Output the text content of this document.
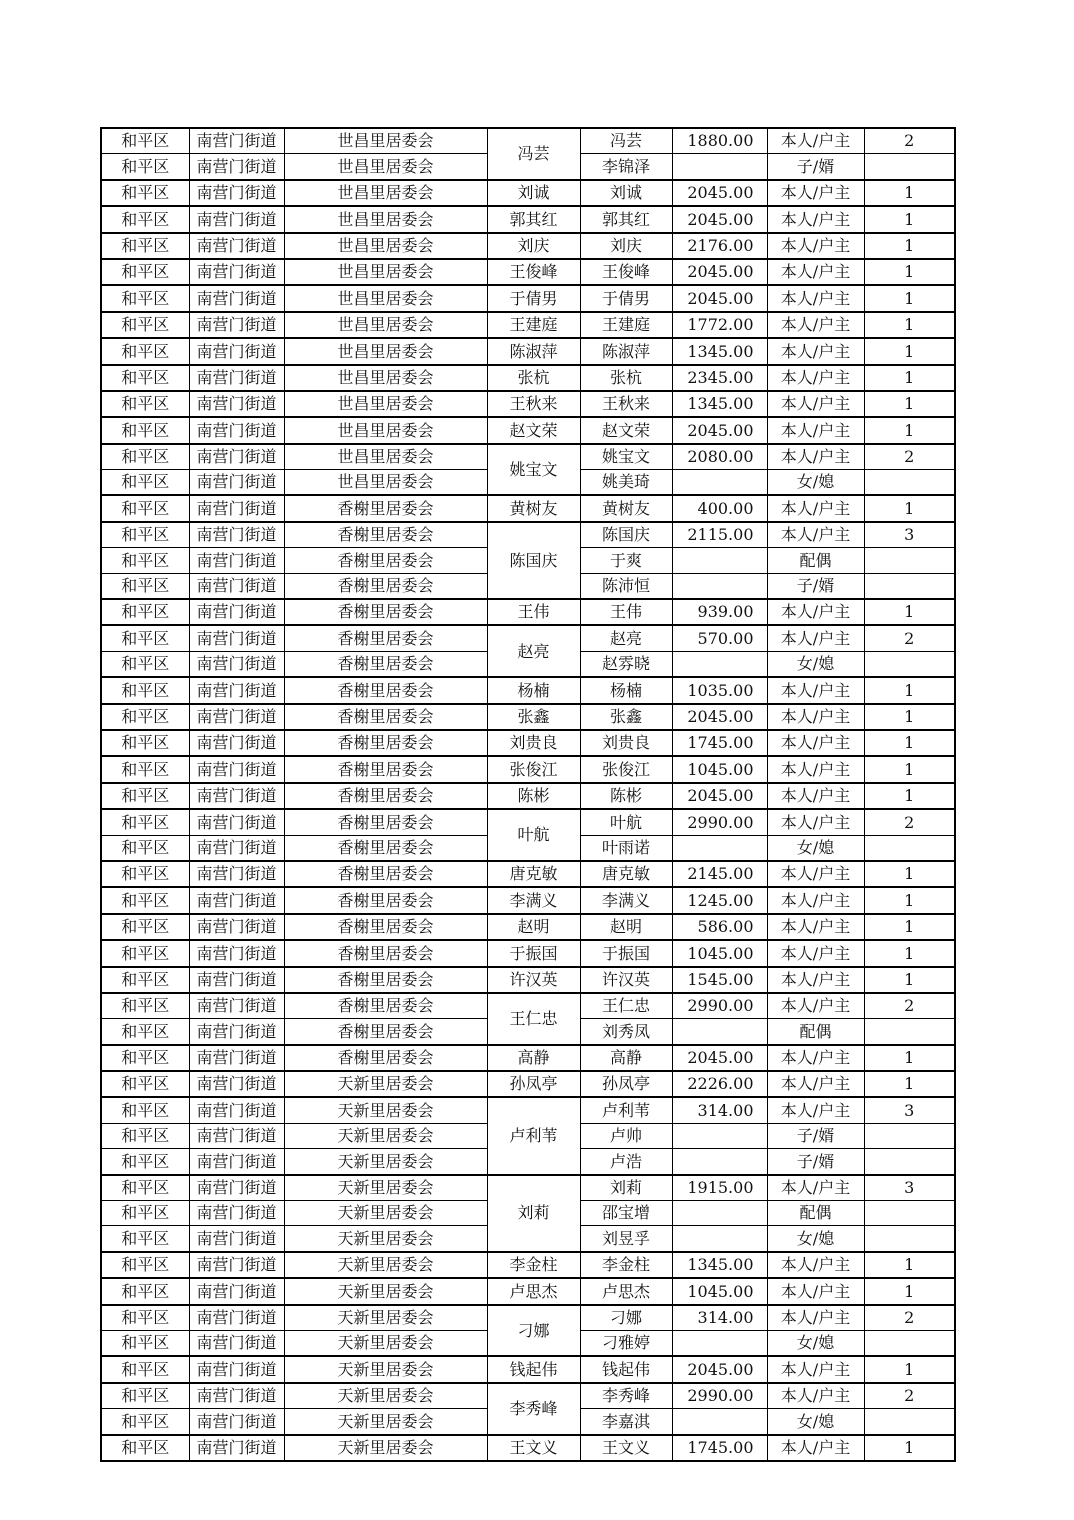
和平区	南营门街道	世昌里居委会	冯芸	冯芸	1880.00	本人/户主	2
和平区	南营门街道	世昌里居委会		李锦泽		子/婿	
和平区	南营门街道	世昌里居委会	刘诚	刘诚	2045.00	本人/户主	1
和平区	南营门街道	世昌里居委会	郭其红	郭其红	2045.00	本人/户主	1
和平区	南营门街道	世昌里居委会	刘庆	刘庆	2176.00	本人/户主	1
和平区	南营门街道	世昌里居委会	王俊峰	王俊峰	2045.00	本人/户主	1
和平区	南营门街道	世昌里居委会	于倩男	于倩男	2045.00	本人/户主	1
和平区	南营门街道	世昌里居委会	王建庭	王建庭	1772.00	本人/户主	1
和平区	南营门街道	世昌里居委会	陈淑萍	陈淑萍	1345.00	本人/户主	1
和平区	南营门街道	世昌里居委会	张杭	张杭	2345.00	本人/户主	1
和平区	南营门街道	世昌里居委会	王秋来	王秋来	1345.00	本人/户主	1
和平区	南营门街道	世昌里居委会	赵文荣	赵文荣	2045.00	本人/户主	1
和平区	南营门街道	世昌里居委会	姚宝文	姚宝文	2080.00	本人/户主	2
和平区	南营门街道	世昌里居委会		姚美琦		女/媳	
和平区	南营门街道	香榭里居委会	黄树友	黄树友	400.00	本人/户主	1
和平区	南营门街道	香榭里居委会	陈国庆	陈国庆	2115.00	本人/户主	3
和平区	南营门街道	香榭里居委会		于爽		配偶	
和平区	南营门街道	香榭里居委会		陈沛恒		子/婿	
和平区	南营门街道	香榭里居委会	王伟	王伟	939.00	本人/户主	1
和平区	南营门街道	香榭里居委会	赵亮	赵亮	570.00	本人/户主	2
和平区	南营门街道	香榭里居委会		赵雰晓		女/媳	
和平区	南营门街道	香榭里居委会	杨楠	杨楠	1035.00	本人/户主	1
和平区	南营门街道	香榭里居委会	张鑫	张鑫	2045.00	本人/户主	1
和平区	南营门街道	香榭里居委会	刘贵良	刘贵良	1745.00	本人/户主	1
和平区	南营门街道	香榭里居委会	张俊江	张俊江	1045.00	本人/户主	1
和平区	南营门街道	香榭里居委会	陈彬	陈彬	2045.00	本人/户主	1
和平区	南营门街道	香榭里居委会	叶航	叶航	2990.00	本人/户主	2
和平区	南营门街道	香榭里居委会		叶雨诺		女/媳	
和平区	南营门街道	香榭里居委会	唐克敏	唐克敏	2145.00	本人/户主	1
和平区	南营门街道	香榭里居委会	李满义	李满义	1245.00	本人/户主	1
和平区	南营门街道	香榭里居委会	赵明	赵明	586.00	本人/户主	1
和平区	南营门街道	香榭里居委会	于振国	于振国	1045.00	本人/户主	1
和平区	南营门街道	香榭里居委会	许汉英	许汉英	1545.00	本人/户主	1
和平区	南营门街道	香榭里居委会	王仁忠	王仁忠	2990.00	本人/户主	2
和平区	南营门街道	香榭里居委会		刘秀凤		配偶	
和平区	南营门街道	香榭里居委会	高静	高静	2045.00	本人/户主	1
和平区	南营门街道	天新里居委会	孙凤亭	孙凤亭	2226.00	本人/户主	1
和平区	南营门街道	天新里居委会	卢利苇	卢利苇	314.00	本人/户主	3
和平区	南营门街道	天新里居委会		卢帅		子/婿	
和平区	南营门街道	天新里居委会		卢浩		子/婿	
和平区	南营门街道	天新里居委会	刘莉	刘莉	1915.00	本人/户主	3
和平区	南营门街道	天新里居委会		邵宝增		配偶	
和平区	南营门街道	天新里居委会		刘昱孚		女/媳	
和平区	南营门街道	天新里居委会	李金柱	李金柱	1345.00	本人/户主	1
和平区	南营门街道	天新里居委会	卢思杰	卢思杰	1045.00	本人/户主	1
和平区	南营门街道	天新里居委会	刁娜	刁娜	314.00	本人/户主	2
和平区	南营门街道	天新里居委会		刁雅婷		女/媳	
和平区	南营门街道	天新里居委会	钱起伟	钱起伟	2045.00	本人/户主	1
和平区	南营门街道	天新里居委会	李秀峰	李秀峰	2990.00	本人/户主	2
和平区	南营门街道	天新里居委会		李嘉淇		女/媳	
和平区	南营门街道	天新里居委会	王文义	王文义	1745.00	本人/户主	1
